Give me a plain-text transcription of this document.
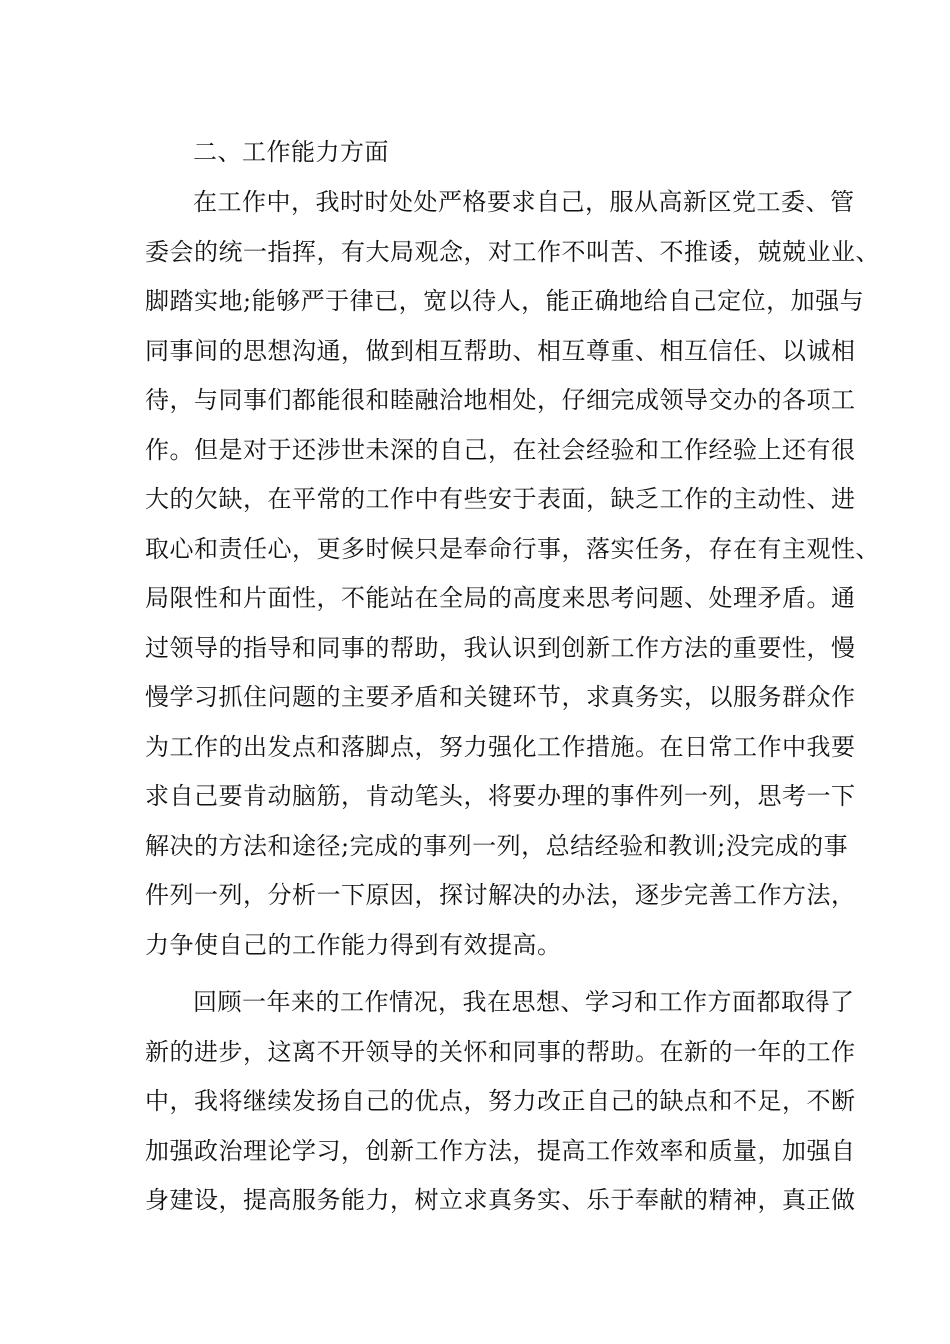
二、工作能力方面
在工作中，我时时处处严格要求自己，服从高新区党工委、管
委会的统一指挥，有大局观念，对工作不叫苦、不推诿，兢兢业业、
脚踏实地;能够严于律已，宽以待人，能正确地给自己定位，加强与
同事间的思想沟通，做到相互帮助、相互尊重、相互信任、以诚相
待，与同事们都能很和睦融洽地相处，仔细完成领导交办的各项工
作。但是对于还涉世未深的自己，在社会经验和工作经验上还有很
大的欠缺，在平常的工作中有些安于表面，缺乏工作的主动性、进
取心和责任心，更多时候只是奉命行事，落实任务，存在有主观性、
局限性和片面性，不能站在全局的高度来思考问题、处理矛盾。通
过领导的指导和同事的帮助，我认识到创新工作方法的重要性，慢
慢学习抓住问题的主要矛盾和关键环节，求真务实，以服务群众作
为工作的出发点和落脚点，努力强化工作措施。在日常工作中我要
求自己要肯动脑筋，肯动笔头，将要办理的事件列一列，思考一下
解决的方法和途径;完成的事列一列，总结经验和教训;没完成的事
件列一列，分析一下原因，探讨解决的办法，逐步完善工作方法，
力争使自己的工作能力得到有效提高。
回顾一年来的工作情况，我在思想、学习和工作方面都取得了
新的进步，这离不开领导的关怀和同事的帮助。在新的一年的工作
中，我将继续发扬自己的优点，努力改正自己的缺点和不足，不断
加强政治理论学习，创新工作方法，提高工作效率和质量，加强自
身建设，提高服务能力，树立求真务实、乐于奉献的精神，真正做
